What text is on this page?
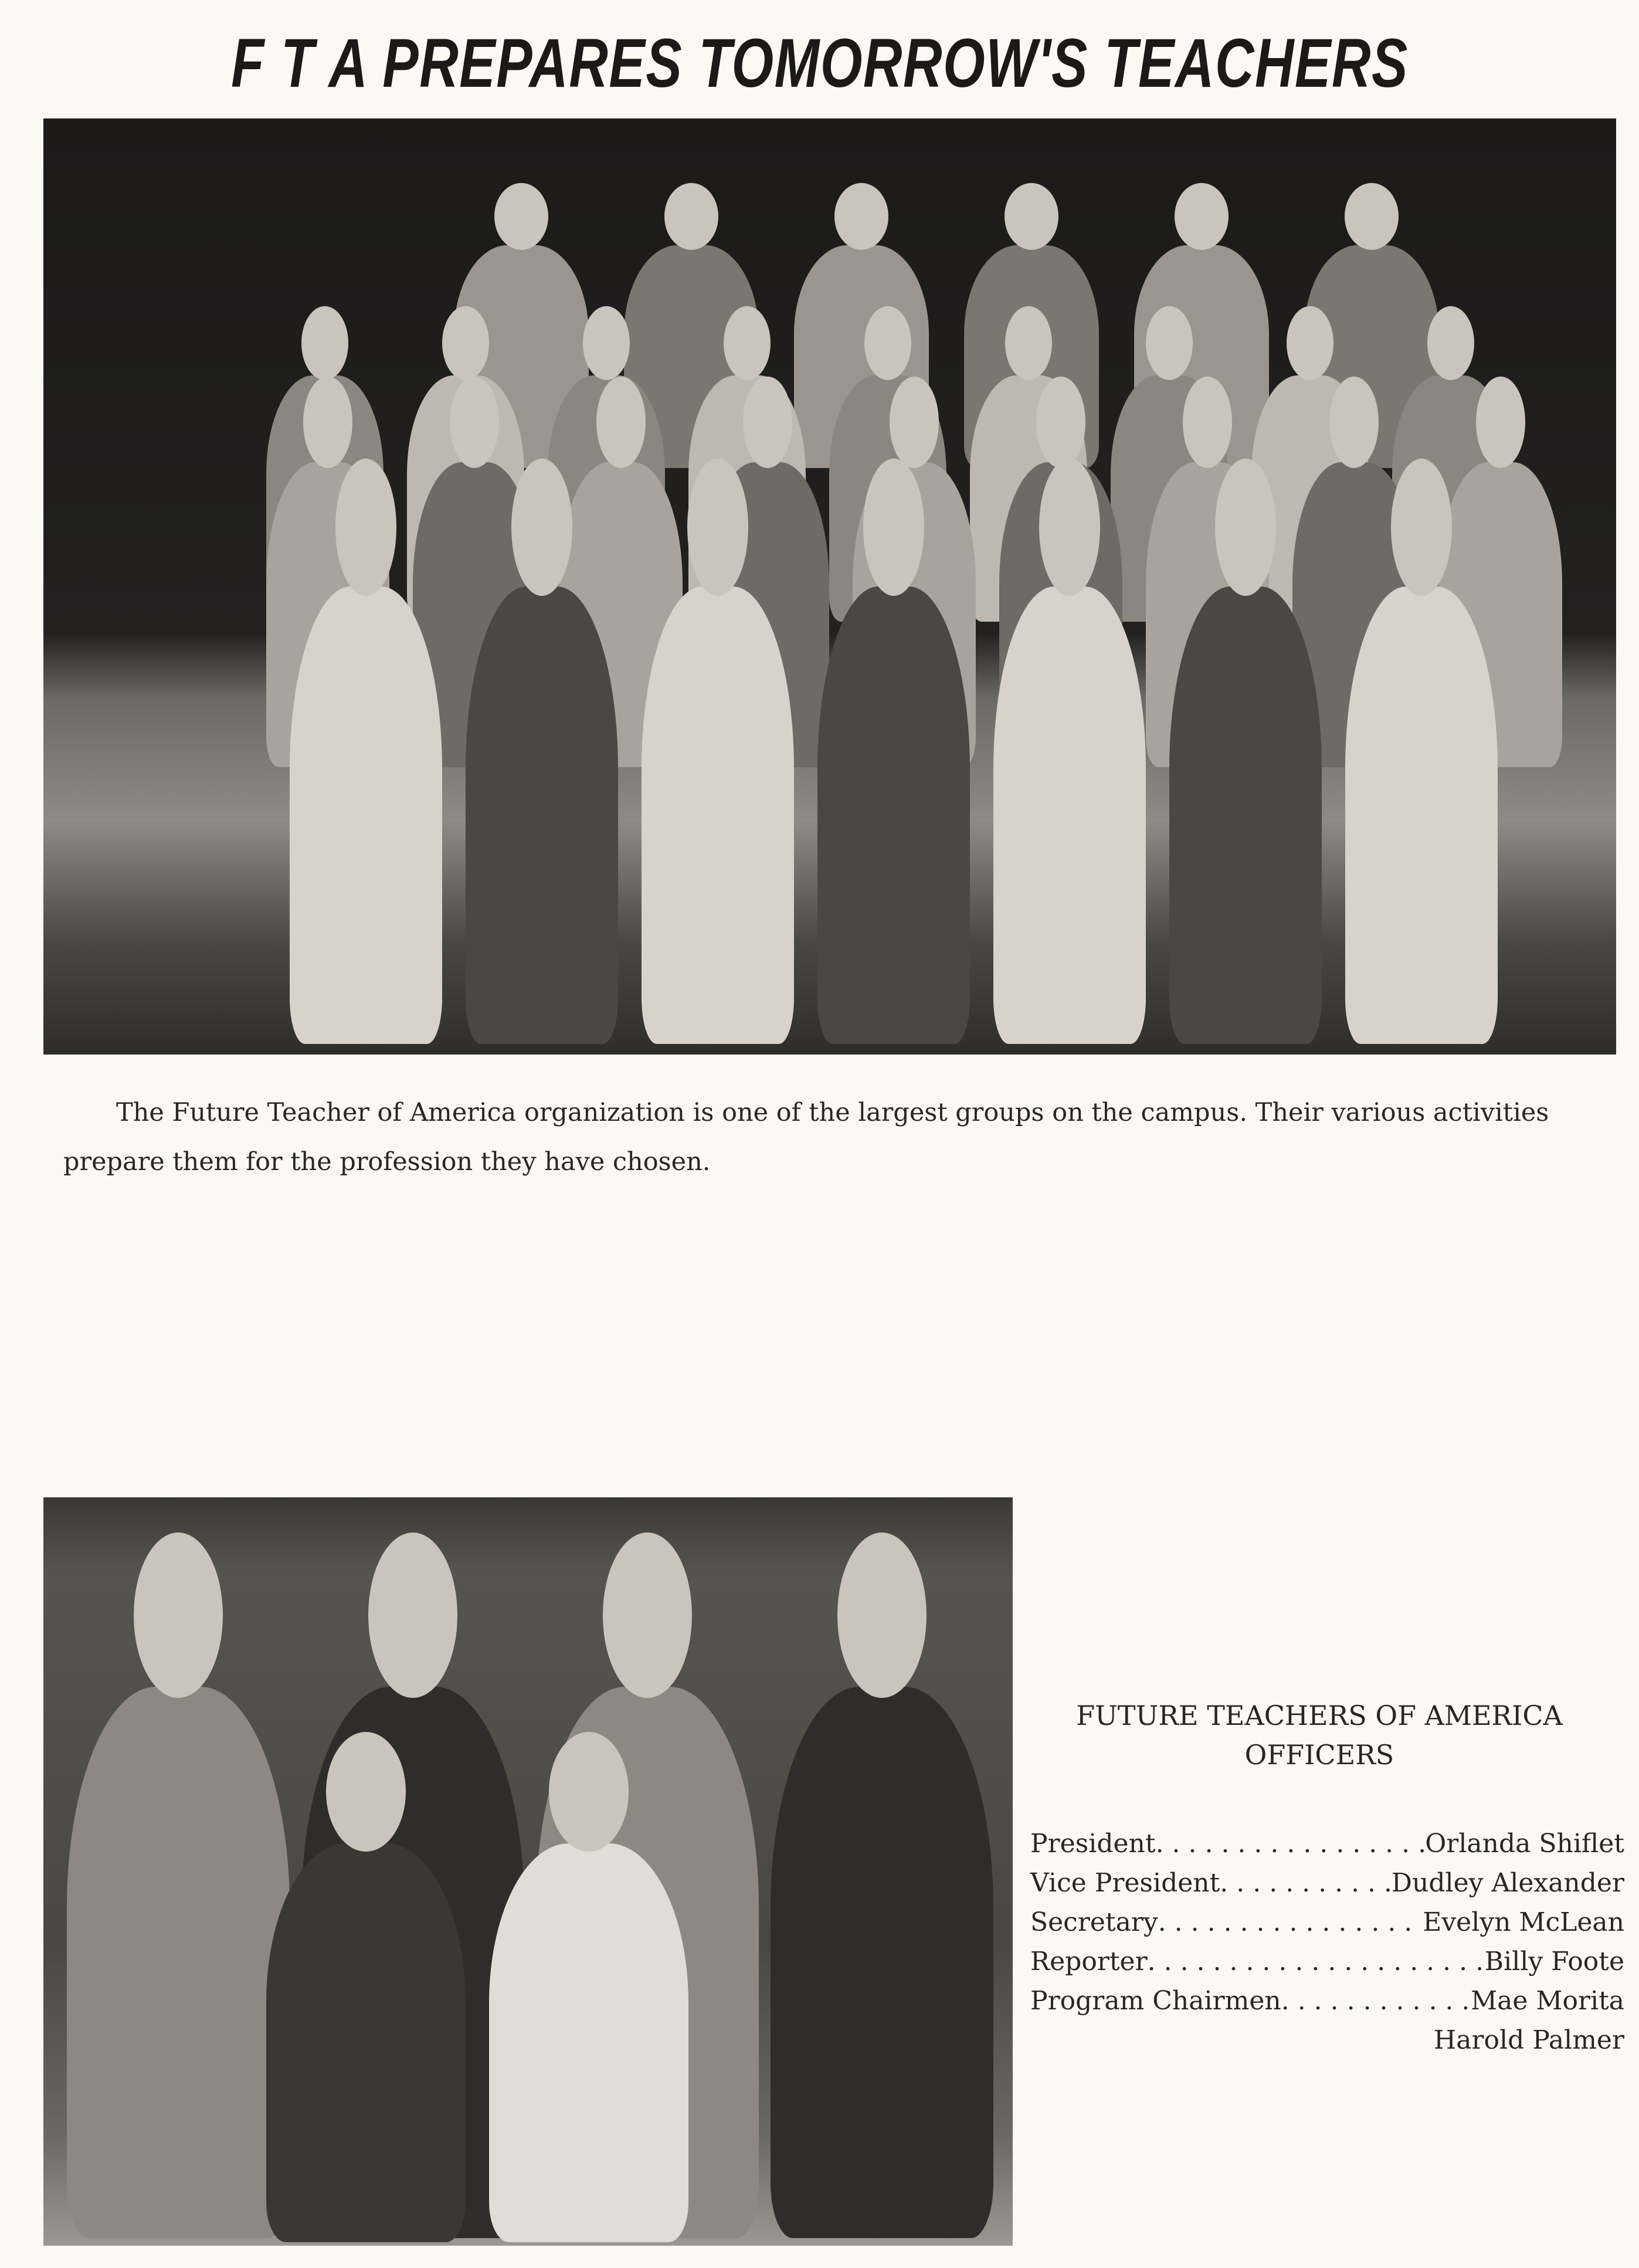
F T A PREPARES TOMORROW'S TEACHERS
The Future Teacher of America organization is one of the largest groups on the campus. Their various activities prepare them for the profession they have chosen.
FUTURE TEACHERS OF AMERICA
OFFICERS
President . . .	Orlanda Shiflet
Vice President . . .	Dudley Alexander
Secretary . . .	Evelyn McLean
Reporter . . .	Billy Foote
Program Chairmen . . .	Mae Morita
Harold Palmer
